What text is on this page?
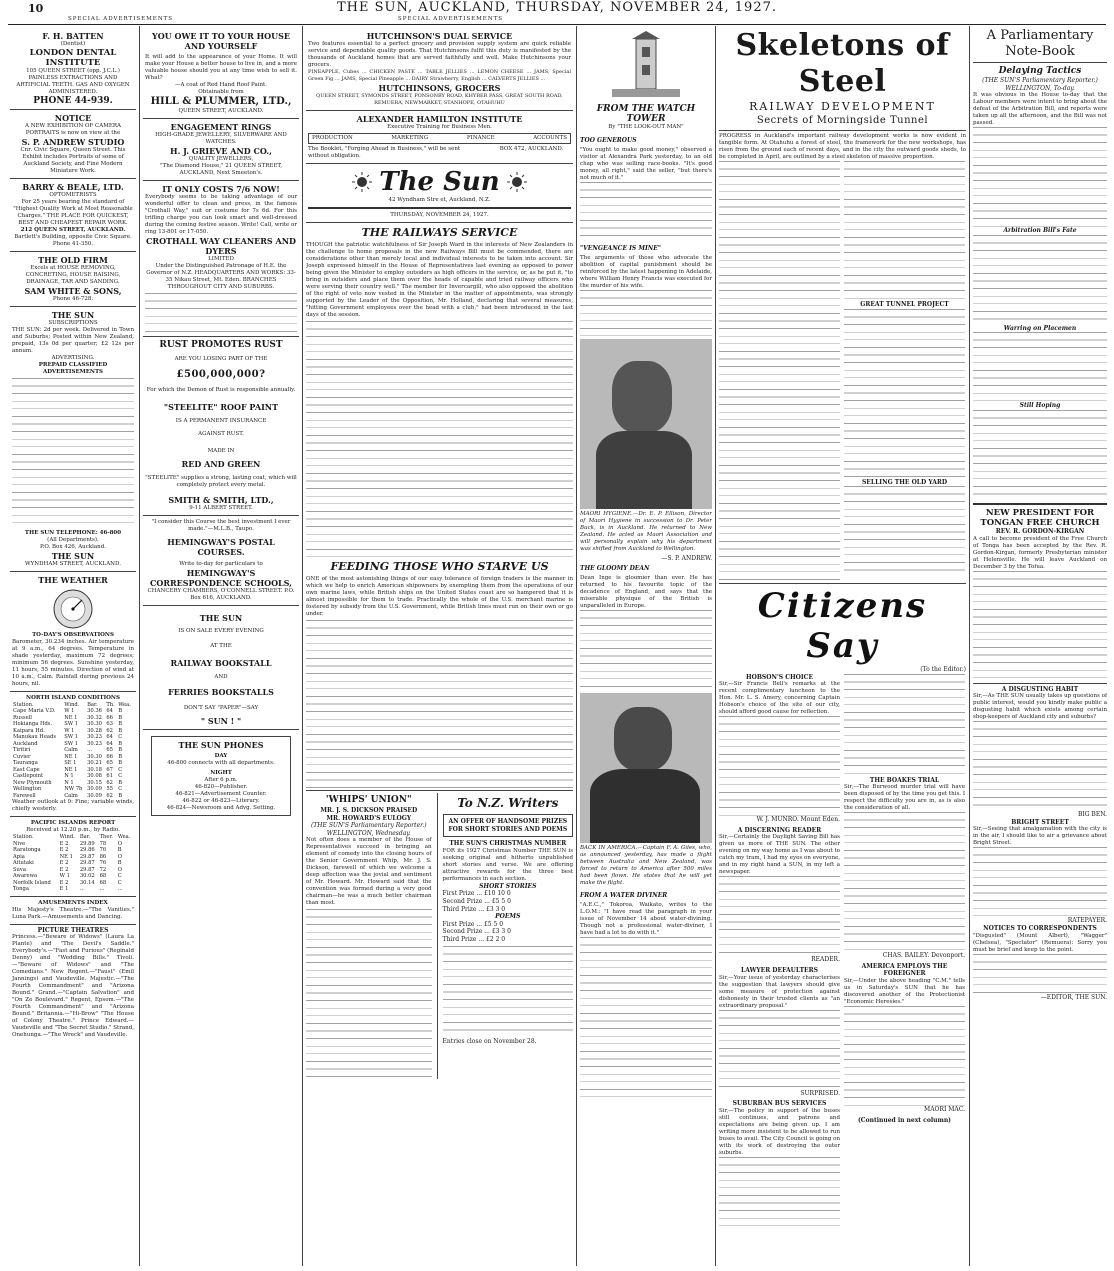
10	THE SUN, AUCKLAND, THURSDAY, NOVEMBER 24, 1927.
SPECIAL ADVERTISEMENTS	SPECIAL ADVERTISEMENTS
F. H. BATTEN
(Dentist)
LONDON DENTAL INSTITUTE
105 QUEEN STREET (opp. J.C.L.) PAINLESS EXTRACTIONS AND ARTIFICIAL TEETH. GAS AND OXYGEN ADMINISTERED.
PHONE 44-939.
NOTICE
A NEW EXHIBITION OF CAMERA PORTRAITS is now on view at the
S. P. ANDREW STUDIO
Cnr. Civic Square, Queen Street. This Exhibit includes Portraits of some of Auckland Society, and Fine Modern Miniature Work.
BARRY & BEALE, LTD.
OPTOMETRISTS
For 25 years bearing the standard of "Highest Quality Work at Most Reasonable Charges." THE PLACE FOR QUICKEST, BEST AND CHEAPEST REPAIR WORK.
212 QUEEN STREET, AUCKLAND.
Bartlett's Building, opposite Civic Square. Phone 41-350.
THE OLD FIRM
Excels at HOUSE REMOVING, CONCRETING, HOUSE RAISING, DRAINAGE, TAR AND SANDING.
SAM WHITE & SONS,
Phone 46-728.
THE SUN
SUBSCRIPTIONS
THE SUN: 2d per week. Delivered in Town and Suburbs; Posted within New Zealand, prepaid, 13s 0d per quarter; £2 12s per annum.
ADVERTISING.
PREPAID CLASSIFIED ADVERTISEMENTS
THE SUN TELEPHONE: 46-800
(All Departments).
P.O. Box 426, Auckland.
THE SUN
WYNDHAM STREET, AUCKLAND.
THE WEATHER
TO-DAY'S OBSERVATIONS
Barometer, 30.234 inches. Air temperature at 9 a.m., 64 degrees. Temperature in shade yesterday, maximum 72 degrees; minimum 56 degrees. Sunshine yesterday, 11 hours, 55 minutes. Direction of wind at 10 a.m., Calm. Rainfall during previous 24 hours, nil.
NORTH ISLAND CONDITIONS
Station.	Wind.	Bar.	Th.	Wea.
Cape Maria V.D.	W 1	30.36	64	B
Russell	NE 1	30.32	66	B
Hokianga Hds.	SW 1	30.30	63	B
Kaipara Hd.	W 1	30.28	62	B
Manukau Heads	SW 1	30.23	64	C
Auckland	SW 1	30.23	64	B
Tiritiri	Calm	...	65	B
Cuvier	NE 1	30.30	66	B
Tauranga	SE 1	30.21	65	B
East Cape	NE 1	30.18	67	C
Castlepoint	N 1	30.08	61	C
New Plymouth	N 1	30.15	62	B
Wellington	NW 7b	30.09	55	C
Farewell	Calm	30.09	62	B
Weather outlook at 9: Fine; variable winds, chiefly westerly.
PACIFIC ISLANDS REPORT
Received at 12.20 p.m., by Radio.
Station.	Wind.	Bar.	Ther.	Wea.
Nive	E 2	29.89	78	O
Raratonga	E 2	29.86	76	B
Apia	NE 1	29.87	86	O
Aitutaki	E 2	29.87	76	B
Suva	E 2	29.87	72	O
Awarewa	W 1	30.02	68	C
Norfolk Island	E 2	30.14	68	C
Tonga	E 1	...	...	...
AMUSEMENTS INDEX
His Majesty's Theatre.—"The Vanities." Luna Park.—Amusements and Dancing.
PICTURE THEATRES
Princess.—"Beware of Widows" (Laura La Plante) and "The Devil's Saddle." Everybody's.—"Fast and Furious" (Reginald Denny) and "Wedding Bills." Tivoli.—"Beware of Widows" and "The Comedians." New Regent.—"Faust" (Emil Jannings) and Vaudeville. Majestic.—"The Fourth Commandment" and "Arizona Bound." Grand.—"Captain Salvation" and "On Ze Boulevard." Regent, Epsom.—"The Fourth Commandment" and "Arizona Bound." Britannia.—"Hi-Brow" "The House of Colony Theatre." Prince Edward.—Vaudeville and "The Secret Studio." Strand, Onehunga.—"The Wreck" and Vaudeville.
YOU OWE IT TO YOUR HOUSE AND YOURSELF
It will add to the appearance of your Home. It will make your House a better house to live in, and a more valuable house should you at any time wish to sell it. What?
—A coat of Red Hand Roof Paint.
Obtainable from
HILL & PLUMMER, LTD.,
QUEEN STREET, AUCKLAND.
ENGAGEMENT RINGS
HIGH-GRADE JEWELLERY, SILVERWARE AND WATCHES.
H. J. GRIEVE AND CO.,
QUALITY JEWELLERS,
"The Diamond House," 21 QUEEN STREET, AUCKLAND, Next Smeeton's.
IT ONLY COSTS 7/6 NOW!
Everybody seems to be taking advantage of our wonderful offer to clean and press, in the famous "Crothall Way," suit or costume for 7s 6d. For this trifling charge you can look smart and well-dressed during the coming festive season. Write! Call, write or ring 13-801 or 17-050.
CROTHALL WAY CLEANERS AND DYERS
LIMITED
Under the Distinguished Patronage of H.E. the Governor of N.Z. HEADQUARTERS AND WORKS: 33-35 Nikau Street, Mt. Eden. BRANCHES THROUGHOUT CITY AND SUBURBS.
RUST PROMOTES RUST
ARE YOU LOSING PART OF THE
£500,000,000?
For which the Demon of Rust is responsible annually.
"STEELITE" ROOF PAINT
IS A PERMANENT INSURANCE
AGAINST RUST.
MADE IN
RED AND GREEN
"STEELITE" supplies a strong, lasting coat, which will completely protect every metal.
SMITH & SMITH, LTD.,
9-11 ALBERT STREET.
"I consider this Course the best investment I ever made."—M.L.B., Taupo.
HEMINGWAY'S POSTAL COURSES.
Write to-day for particulars to
HEMINGWAY'S CORRESPONDENCE SCHOOLS,
CHANCERY CHAMBERS, O'CONNELL STREET. P.O. Box 616, AUCKLAND.
THE SUN
IS ON SALE EVERY EVENING
AT THE
RAILWAY BOOKSTALL
AND
FERRIES BOOKSTALLS
DON'T SAY "PAPER"—SAY
" SUN ! "
THE SUN PHONES
DAY
46-800 connects with all departments.
NIGHT
After 6 p.m.
46-820—Publisher.
46-821—Advertisement Counter.
46-822 or 46-823—Literary.
46-824—Newsroom and Advg. Setting.
HUTCHINSON'S DUAL SERVICE
Two features essential to a perfect grocery and provision supply system are quick reliable service and dependable quality goods. That Hutchinsons fulfil this duty is manifested by the thousands of Auckland homes that are served faithfully and well. Make Hutchinsons your grocers.
PINEAPPLE, Cubes ... CHICKEN PASTE ... TABLE JELLIES ... LEMON CHEESE ... JAMS, Special Green Fig ... JAMS, Special Pineapple ... DAIRY Strawberry, English ... CALVERTS JELLIES ...
HUTCHINSONS, GROCERS
QUEEN STREET, SYMONDS STREET, PONSONBY ROAD, KHYBER PASS, GREAT SOUTH ROAD, REMUERA, NEWMARKET, STANHOPE, OTAHUHU
ALEXANDER HAMILTON INSTITUTE
Executive Training for Business Men.
PRODUCTION	MARKETING	FINANCE	ACCOUNTS
The Booklet, "Forging Ahead in Business," will be sent without obligation.
BOX 472, AUCKLAND.
The Sun
42 Wyndham Stre et, Auckland, N.Z.
THURSDAY, NOVEMBER 24, 1927.
THE RAILWAYS SERVICE
THOUGH the patriotic watchfulness of Sir Joseph Ward in the interests of New Zealanders in the challenge to home proposals in the new Railways Bill must be commended, there are considerations other than merely local and individual interests to be taken into account. Sir Joseph expressed himself in the House of Representatives last evening as opposed to power being given the Minister to employ outsiders as high officers in the service, or, as he put it, "to bring in outsiders and place them over the heads of capable and tried railway officers who were serving their country well." The member for Invercargill, who also opposed the abolition of the right of veto now vested in the Minister in the matter of appointments, was strongly supported by the Leader of the Opposition, Mr. Holland, declaring that several measures, "hitting Government employees over the head with a club," had been introduced in the last days of the session.
FEEDING THOSE WHO STARVE US
ONE of the most astonishing things of our easy tolerance of foreign traders is the manner in which we help to enrich American shipowners by exempting them from the operations of our own marine laws, while British ships on the United States coast are so hampered that it is almost impossible for them to trade. Practically the whole of the U.S. merchant marine is fostered by subsidy from the U.S. Government, while British lines must run on their own or go under.
'WHIPS' UNION"
MR. J. S. DICKSON PRAISED
MR. HOWARD'S EULOGY
(THE SUN'S Parliamentary Reporter.) WELLINGTON, Wednesday.
Not often does a member of the House of Representatives succeed in bringing an element of comedy into the closing hours of the Senior Government Whip, Mr. J. S. Dickson, farewell of which we welcome a deep affection was the jovial and sentiment of Mr. Howard. Mr. Howard said that the convention was formed during a very good chairman—he was a much better chairman than most.
To N.Z. Writers
AN OFFER OF HANDSOME PRIZES FOR SHORT STORIES AND POEMS
THE SUN'S CHRISTMAS NUMBER
FOR its 1927 Christmas Number THE SUN is seeking original and hitherto unpublished short stories and verse. We are offering attractive rewards for the three best performances in each section.
SHORT STORIES
First Prize ... £10 10 0
Second Prize ... £5 5 0
Third Prize ... £3 3 0
POEMS
First Prize ... £5 5 0
Second Prize ... £3 3 0
Third Prize ... £2 2 0
Entries close on November 28.
FROM THE WATCH TOWER
By "THE LOOK-OUT MAN"
TOO GENEROUS
"You ought to make good money," observed a visitor at Alexandra Park yesterday, to an old chap who was selling race-books. "It's good money, all right," said the seller, "but there's not much of it."
"VENGEANCE IS MINE"
The arguments of those who advocate the abolition of capital punishment should be reinforced by the latest happening in Adelaide, where William Henry Francis was executed for the murder of his wife.
MAORI HYGIENE.—Dr. E. P. Ellison, Director of Maori Hygiene in succession to Dr. Peter Buck, is in Auckland. He returned to New Zealand. He acted as Maori Association and will personally explain why his department was shifted from Auckland to Wellington.
—S. P. ANDREW.
THE GLOOMY DEAN
Dean Inge is gloomier than ever. He has returned to his favourite topic of the decadence of England, and says that the miserable physique of the British is unparalleled in Europe.
BACK IN AMERICA.—Captain F. A. Giles, who, as announced yesterday, has made a flight between Australia and New Zealand, was forced to return to America after 500 miles had been flown. He states that he will yet make the flight.
FROM A WATER DIVINER
"A.E.C.," Tokoroa, Waikato, writes to the L.O.M.: "I have read the paragraph in your issue of November 14 about water-divining. Though not a professional water-diviner, I have had a lot to do with it."
Skeletons of Steel
RAILWAY DEVELOPMENT
Secrets of Morningside Tunnel
PROGRESS in Auckland's important railway development works is now evident in tangible form. At Otahuhu a forest of steel, the framework for the new workshops, has risen from the ground each of recent days, and in the city the outward goods sheds, to be completed in April, are outlined by a steel skeleton of massive proportion.
GREAT TUNNEL PROJECT
SELLING THE OLD YARD
Citizens Say
(To the Editor.)
HOBSON'S CHOICE
Sir,—Sir Francis Bell's remarks at the recent complimentary luncheon to the Hon. Mr. L. S. Amery, concerning Captain Hobson's choice of the site of our city, should afford good cause for reflection.
W. J. MUNRO. Mount Eden.
A DISCERNING READER
Sir,—Certainly the Daylight Saving Bill has given us more of THE SUN. The other evening on my way home as I was about to catch my tram, I had my eyes on everyone, and in my right hand a SUN, in my left a newspaper.
READER.
LAWYER DEFAULTERS
Sir,—Your issue of yesterday characterises the suggestion that lawyers should give some measure of protection against dishonesty in their trusted clients as "an extraordinary proposal."
SURPRISED.
SUBURBAN BUS SERVICES
Sir,—The policy in support of the buses still continues, and patrons and expectations are being given up. I am writing more insistent to be allowed to run buses to avail. The City Council is going on with its work of destroying the outer suburbs.
THE BOAKES TRIAL
Sir,—The Burwood murder trial will have been disposed of by the time you get this. I respect the difficulty you are in, as is also the consideration of all.
CHAS. BAILEY. Devonport.
AMERICA EMPLOYS THE FOREIGNER
Sir,—Under the above heading "C.M." tells us in Saturday's SUN that he has discovered another of the Protectionist "Economic Heresies."
MAORI MAC.
(Continued in next column)
A Parliamentary Note-Book
Delaying Tactics
(THE SUN'S Parliamentary Reporter.) WELLINGTON, To-day.
It was obvious in the House to-day that the Labour members were intent to bring about the defeat of the Arbitration Bill, and reports were taken up all the afternoon, and the Bill was not passed.
Arbitration Bill's Fate
Warring on Placemen
Still Hoping
NEW PRESIDENT FOR TONGAN FREE CHURCH
REV. R. GORDON-KIRGAN
A call to become president of the Free Church of Tonga has been accepted by the Rev. R. Gordon-Kirgan, formerly Presbyterian minister at Helensville. He will leave Auckland on December 3 by the Tofua.
A DISGUSTING HABIT
Sir,—As THE SUN usually takes up questions of public interest, would you kindly make public a disgusting habit which exists among certain shop-keepers of Auckland city and suburbs?
BIG BEN.
BRIGHT STREET
Sir,—Seeing that amalgamation with the city is in the air, I should like to air a grievance about Bright Street.
RATEPAYER.
NOTICES TO CORRESPONDENTS
"Disgusted" (Mount Albert), "Wagger" (Chelsea), "Spectator" (Remuera): Sorry you must be brief and keep to the point.
—EDITOR, THE SUN.
